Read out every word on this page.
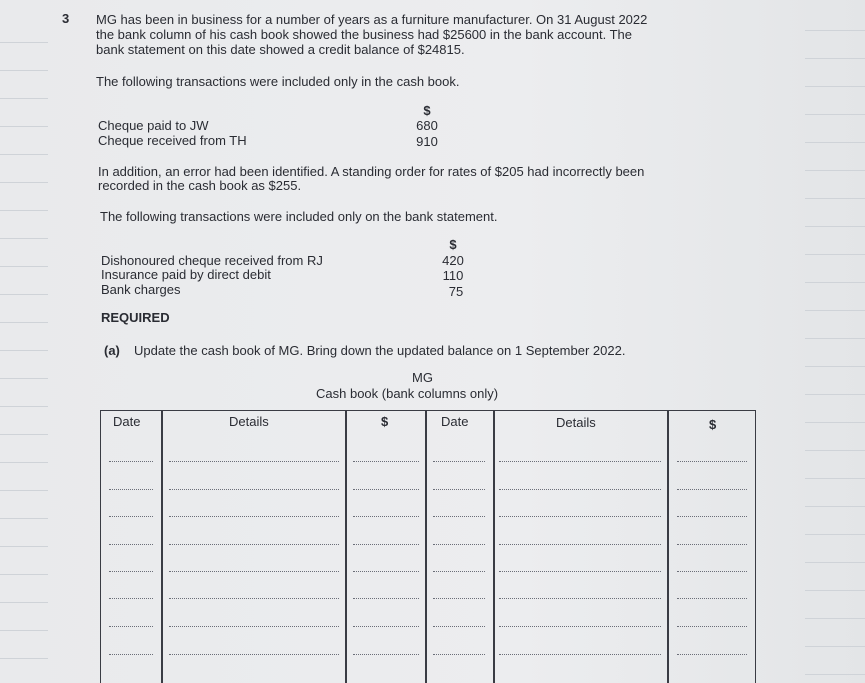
3 MG has been in business for a number of years as a furniture manufacturer. On 31 August 2022
the bank column of his cash book showed the business had $25600 in the bank account. The
bank statement on this date showed a credit balance of $24815.
The following transactions were included only in the cash book.
$
Cheque paid to JW	680
Cheque received from TH	910
In addition, an error had been identified. A standing order for rates of $205 had incorrectly been
recorded in the cash book as $255.
The following transactions were included only on the bank statement.
$
Dishonoured cheque received from RJ	420
Insurance paid by direct debit	110
Bank charges	75
REQUIRED
(a) Update the cash book of MG. Bring down the updated balance on 1 September 2022.
MG
Cash book (bank columns only)
Date	Details	$	Date	Details	$
